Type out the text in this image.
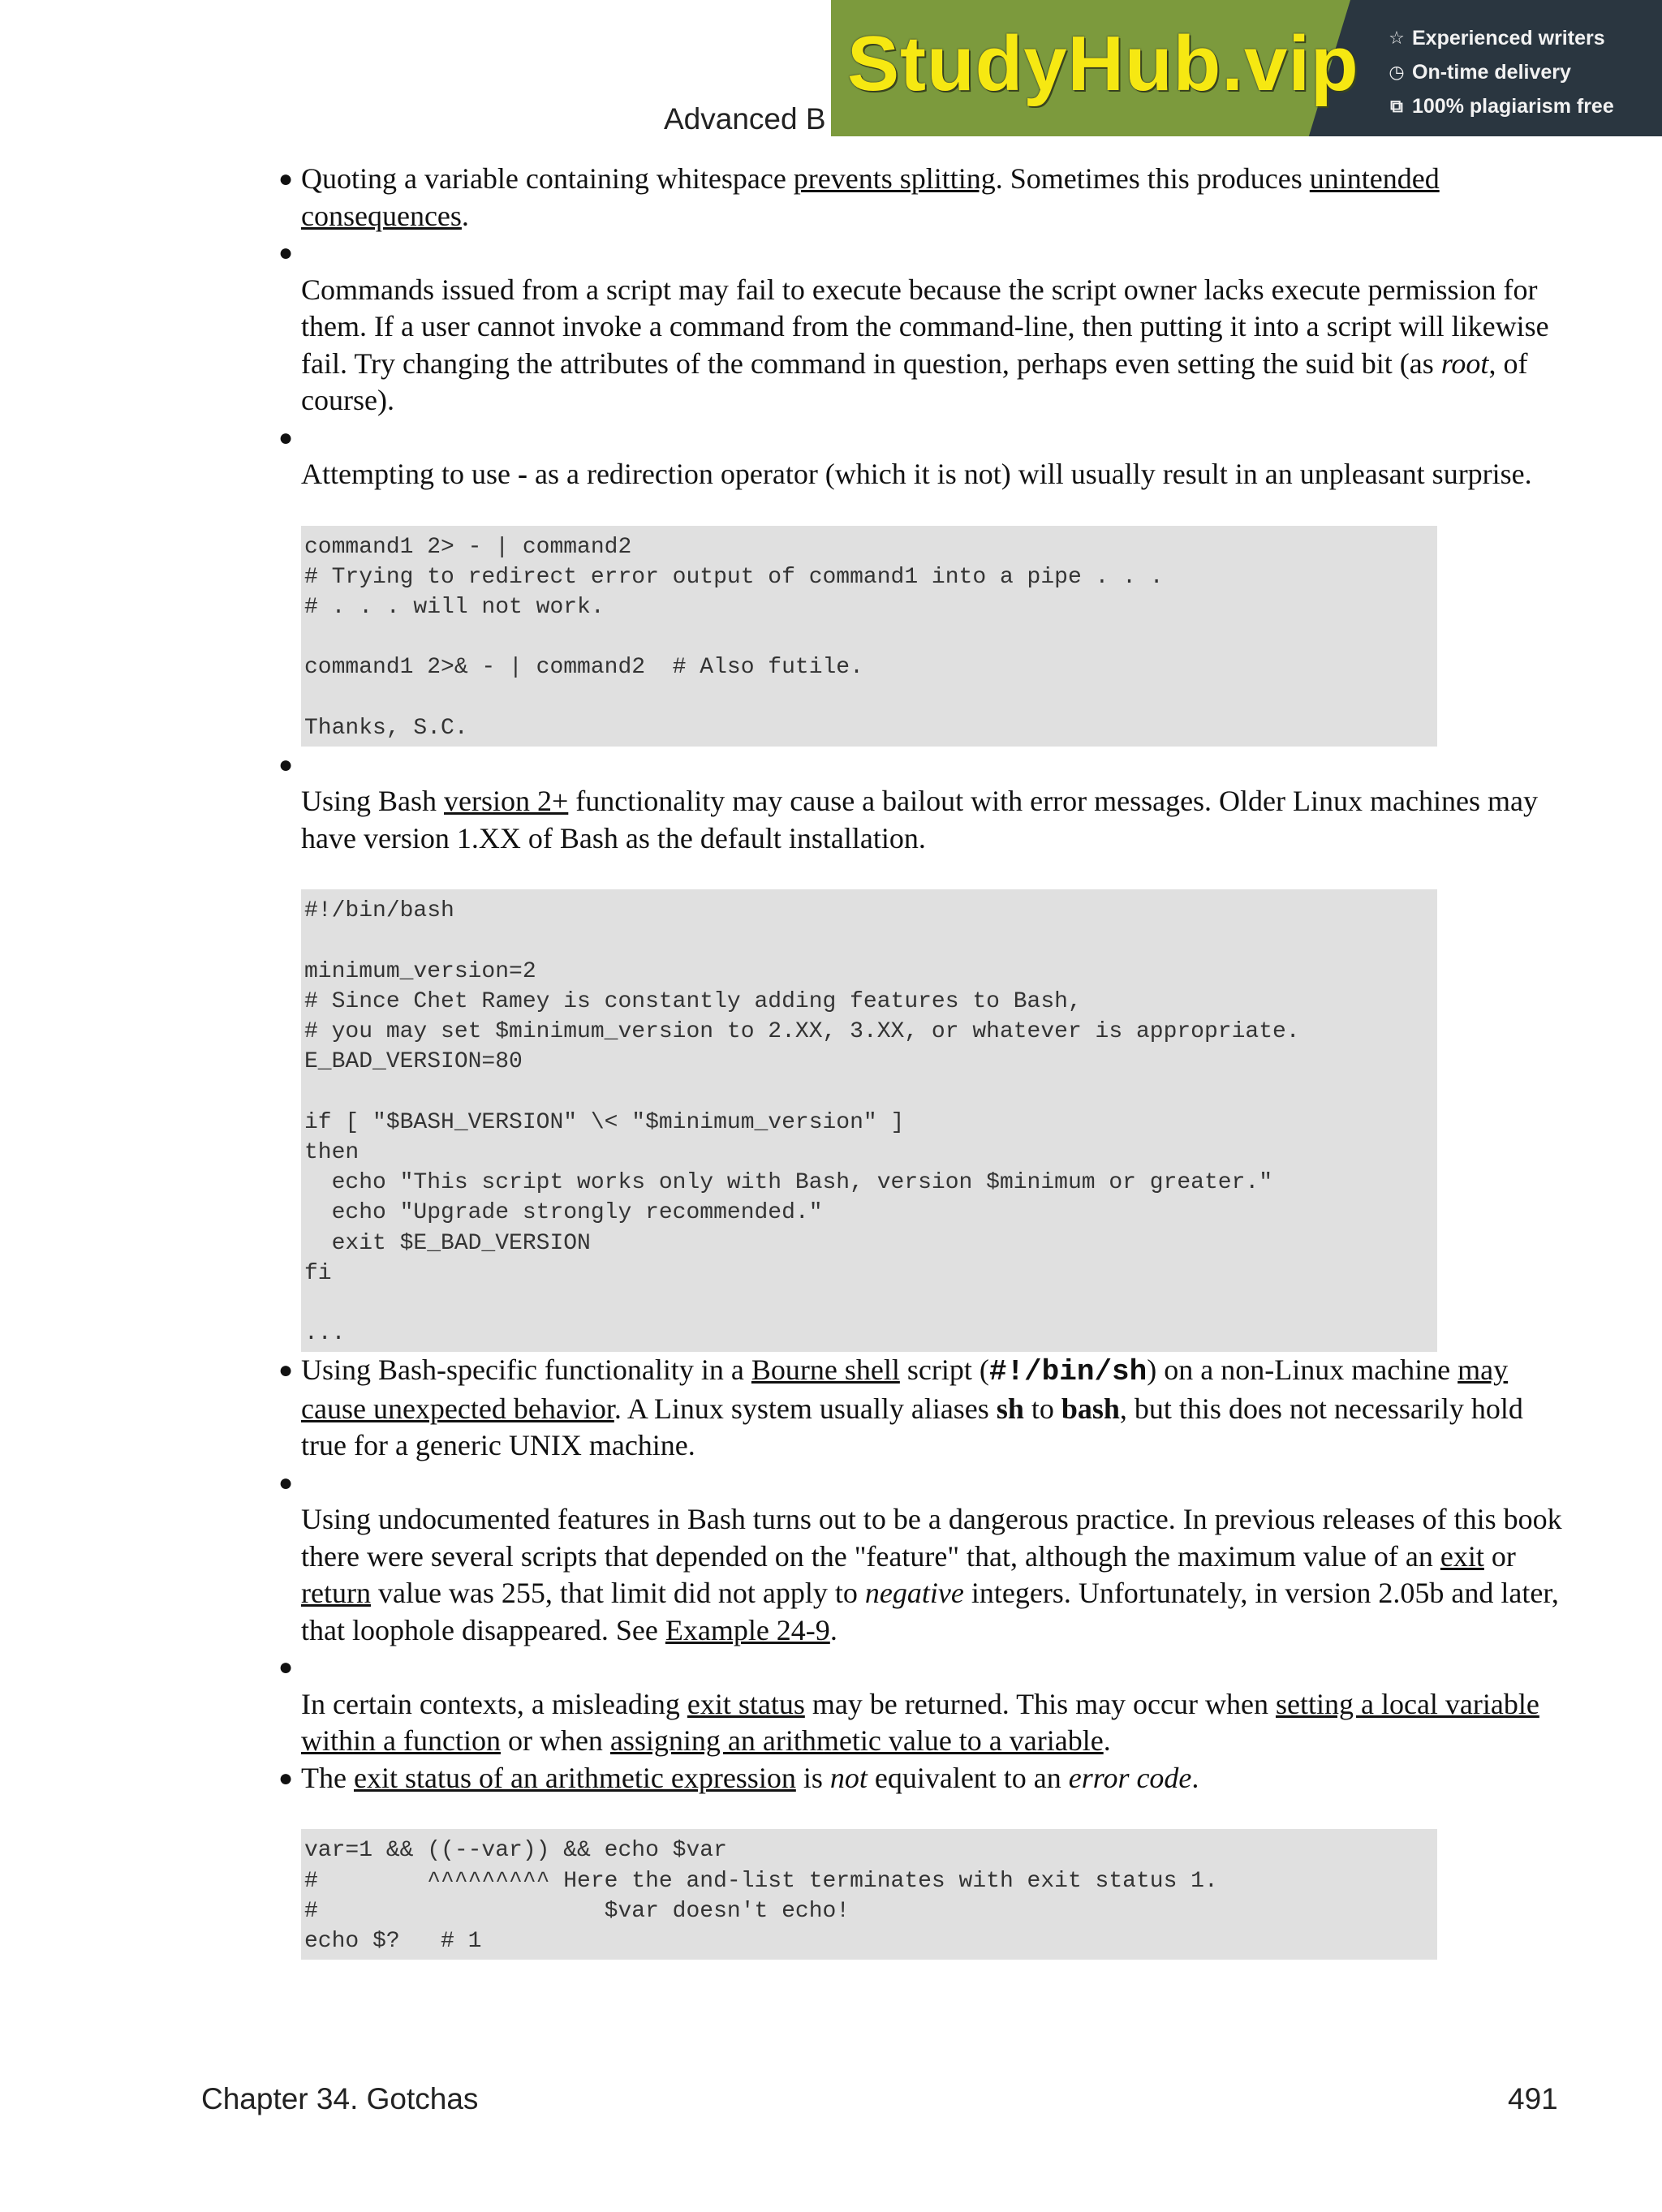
Advanced B
StudyHub.vip ☆ Experienced writers
◷ On-time delivery
⧉ 100% plagiarism free
● Quoting a variable containing whitespace prevents splitting. Sometimes this produces unintended consequences.

●

Commands issued from a script may fail to execute because the script owner lacks execute permission for them. If a user cannot invoke a command from the command-line, then putting it into a script will likewise fail. Try changing the attributes of the command in question, perhaps even setting the suid bit (as root, of course).

●

Attempting to use - as a redirection operator (which it is not) will usually result in an unpleasant surprise.

command1 2> - | command2
# Trying to redirect error output of command1 into a pipe . . .
# . . . will not work.

command1 2>& - | command2  # Also futile.

Thanks, S.C.
●

Using Bash version 2+ functionality may cause a bailout with error messages. Older Linux machines may have version 1.XX of Bash as the default installation.

#!/bin/bash

minimum_version=2
# Since Chet Ramey is constantly adding features to Bash,
# you may set $minimum_version to 2.XX, 3.XX, or whatever is appropriate.
E_BAD_VERSION=80

if [ "$BASH_VERSION" \< "$minimum_version" ]
then
echo "This script works only with Bash, version $minimum or greater."
echo "Upgrade strongly recommended."
exit $E_BAD_VERSION
fi

...
● Using Bash-specific functionality in a Bourne shell script (#!/bin/sh) on a non-Linux machine may cause unexpected behavior. A Linux system usually aliases sh to bash, but this does not necessarily hold true for a generic UNIX machine.

●

Using undocumented features in Bash turns out to be a dangerous practice. In previous releases of this book there were several scripts that depended on the "feature" that, although the maximum value of an exit or return value was 255, that limit did not apply to negative integers. Unfortunately, in version 2.05b and later, that loophole disappeared. See Example 24-9.

●

In certain contexts, a misleading exit status may be returned. This may occur when setting a local variable within a function or when assigning an arithmetic value to a variable.

● The exit status of an arithmetic expression is not equivalent to an error code.

var=1 && ((--var)) && echo $var
#        ^^^^^^^^^ Here the and-list terminates with exit status 1.
#                     $var doesn't echo!
echo $?   # 1
Chapter 34. Gotchas	491
